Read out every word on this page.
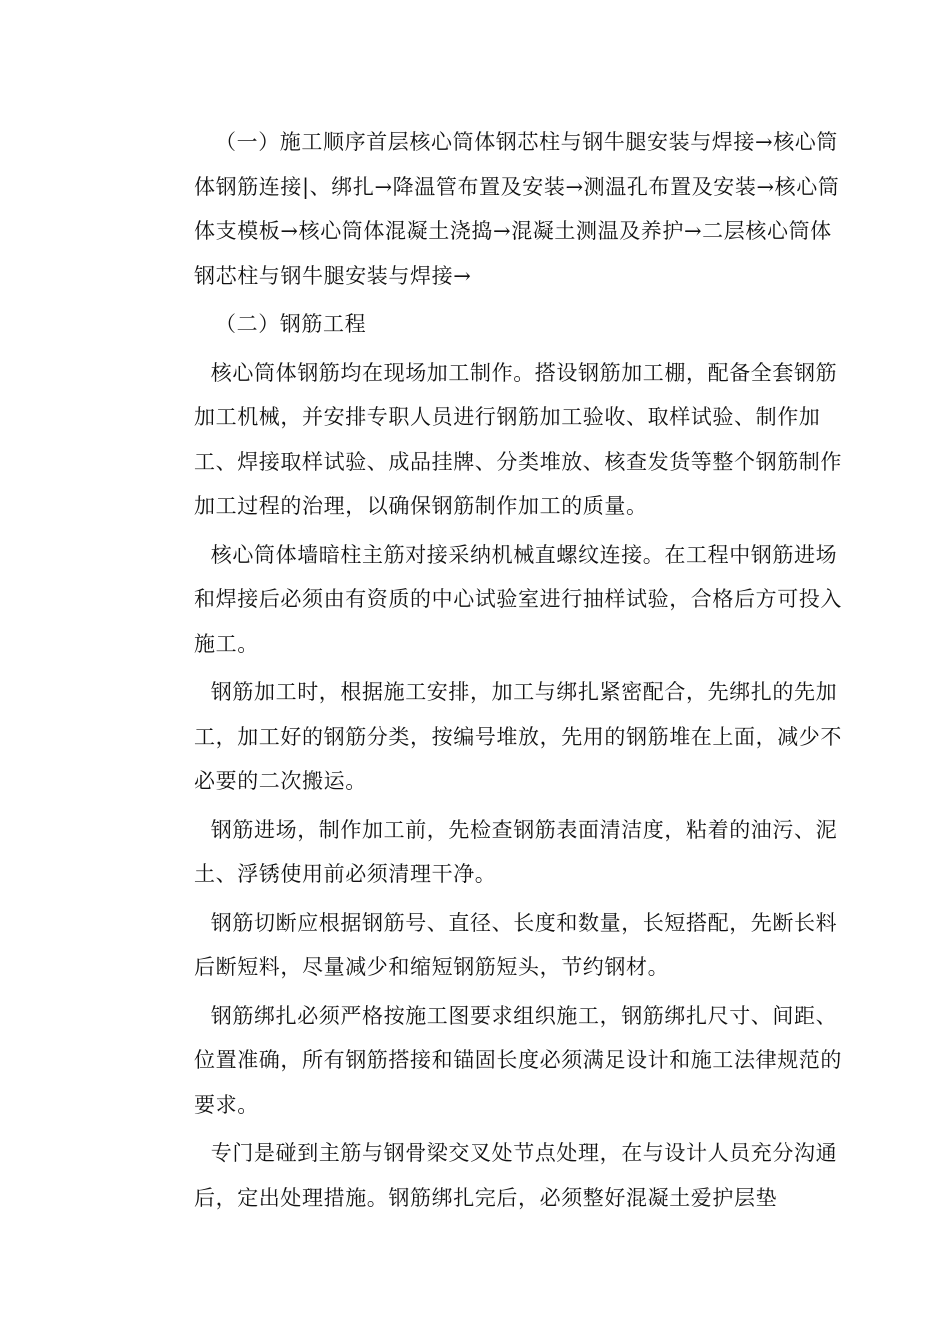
（一）施工顺序首层核心筒体钢芯柱与钢牛腿安装与焊接→核心筒体钢筋连接|、绑扎→降温管布置及安装→测温孔布置及安装→核心筒体支模板→核心筒体混凝土浇捣→混凝土测温及养护→二层核心筒体钢芯柱与钢牛腿安装与焊接→

（二）钢筋工程

核心筒体钢筋均在现场加工制作。搭设钢筋加工棚，配备全套钢筋加工机械，并安排专职人员进行钢筋加工验收、取样试验、制作加工、焊接取样试验、成品挂牌、分类堆放、核查发货等整个钢筋制作加工过程的治理，以确保钢筋制作加工的质量。

核心筒体墙暗柱主筋对接采纳机械直螺纹连接。在工程中钢筋进场和焊接后必须由有资质的中心试验室进行抽样试验，合格后方可投入施工。

钢筋加工时，根据施工安排，加工与绑扎紧密配合，先绑扎的先加工，加工好的钢筋分类，按编号堆放，先用的钢筋堆在上面，减少不必要的二次搬运。

钢筋进场，制作加工前，先检查钢筋表面清洁度，粘着的油污、泥土、浮锈使用前必须清理干净。

钢筋切断应根据钢筋号、直径、长度和数量，长短搭配，先断长料后断短料，尽量减少和缩短钢筋短头，节约钢材。

钢筋绑扎必须严格按施工图要求组织施工，钢筋绑扎尺寸、间距、位置准确，所有钢筋搭接和锚固长度必须满足设计和施工法律规范的要求。

专门是碰到主筋与钢骨梁交叉处节点处理，在与设计人员充分沟通后，定出处理措施。钢筋绑扎完后，必须整好混凝土爱护层垫
